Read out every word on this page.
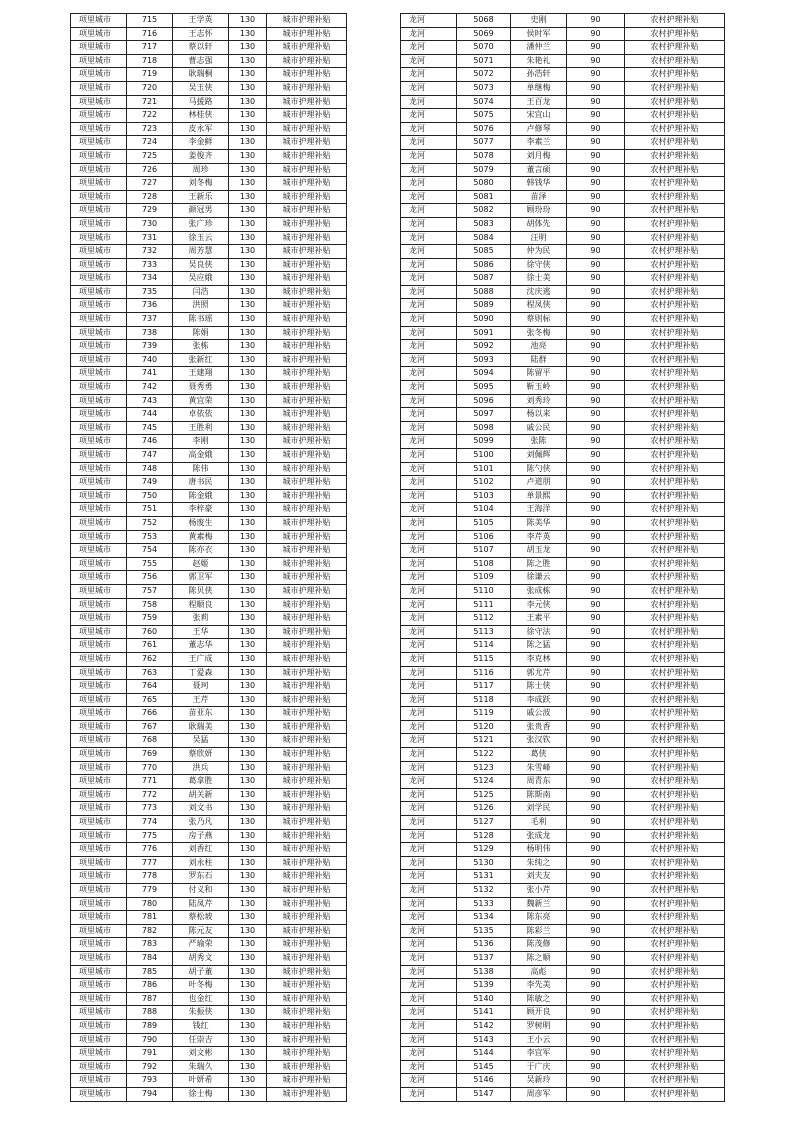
项里城市	715	王学英	130	城市护理补贴
项里城市	716	王志怀	130	城市护理补贴
项里城市	717	蔡以轩	130	城市护理补贴
项里城市	718	曹志强	130	城市护理补贴
项里城市	719	耿瑞桐	130	城市护理补贴
项里城市	720	吴玉侠	130	城市护理补贴
项里城市	721	马援路	130	城市护理补贴
项里城市	722	林桂侠	130	城市护理补贴
项里城市	723	皮永军	130	城市护理补贴
项里城市	724	李金鲜	130	城市护理补贴
项里城市	725	姜俊齐	130	城市护理补贴
项里城市	726	周珍	130	城市护理补贴
项里城市	727	刘冬梅	130	城市护理补贴
项里城市	728	王新乐	130	城市护理补贴
项里城市	729	颜冠男	130	城市护理补贴
项里城市	730	张广珍	130	城市护理补贴
项里城市	731	徐玉云	130	城市护理补贴
项里城市	732	周芳慧	130	城市护理补贴
项里城市	733	吴良侠	130	城市护理补贴
项里城市	734	吴应娥	130	城市护理补贴
项里城市	735	闫浩	130	城市护理补贴
项里城市	736	洪照	130	城市护理补贴
项里城市	737	陈书瑶	130	城市护理补贴
项里城市	738	陈娟	130	城市护理补贴
项里城市	739	张栋	130	城市护理补贴
项里城市	740	张新红	130	城市护理补贴
项里城市	741	王建翔	130	城市护理补贴
项里城市	742	聂秀勇	130	城市护理补贴
项里城市	743	黄宜荣	130	城市护理补贴
项里城市	744	卓依依	130	城市护理补贴
项里城市	745	王胜利	130	城市护理补贴
项里城市	746	李刚	130	城市护理补贴
项里城市	747	高金娥	130	城市护理补贴
项里城市	748	陈伟	130	城市护理补贴
项里城市	749	唐书民	130	城市护理补贴
项里城市	750	陈金娥	130	城市护理补贴
项里城市	751	李梓豪	130	城市护理补贴
项里城市	752	杨废生	130	城市护理补贴
项里城市	753	黄素梅	130	城市护理补贴
项里城市	754	陈亦衣	130	城市护理补贴
项里城市	755	赵姬	130	城市护理补贴
项里城市	756	郭卫军	130	城市护理补贴
项里城市	757	陈贝侠	130	城市护理补贴
项里城市	758	程顺良	130	城市护理补贴
项里城市	759	张莉	130	城市护理补贴
项里城市	760	王华	130	城市护理补贴
项里城市	761	董志华	130	城市护理补贴
项里城市	762	王广成	130	城市护理补贴
项里城市	763	丁爱森	130	城市护理补贴
项里城市	764	聂珂	130	城市护理补贴
项里城市	765	王芹	130	城市护理补贴
项里城市	766	苗亚东	130	城市护理补贴
项里城市	767	耿瑞美	130	城市护理补贴
项里城市	768	吴猛	130	城市护理补贴
项里城市	769	蔡欣妍	130	城市护理补贴
项里城市	770	洪兵	130	城市护理补贴
项里城市	771	葛拿胜	130	城市护理补贴
项里城市	772	胡关新	130	城市护理补贴
项里城市	773	刘文书	130	城市护理补贴
项里城市	774	张乃凡	130	城市护理补贴
项里城市	775	房子燕	130	城市护理补贴
项里城市	776	刘香红	130	城市护理补贴
项里城市	777	刘永柱	130	城市护理补贴
项里城市	778	罗东石	130	城市护理补贴
项里城市	779	付义和	130	城市护理补贴
项里城市	780	陆凤芹	130	城市护理补贴
项里城市	781	蔡松坡	130	城市护理补贴
项里城市	782	陈元友	130	城市护理补贴
项里城市	783	严瑜荣	130	城市护理补贴
项里城市	784	胡秀文	130	城市护理补贴
项里城市	785	胡子董	130	城市护理补贴
项里城市	786	叶冬梅	130	城市护理补贴
项里城市	787	也金红	130	城市护理补贴
项里城市	788	朱振侠	130	城市护理补贴
项里城市	789	钱红	130	城市护理补贴
项里城市	790	任崇吉	130	城市护理补贴
项里城市	791	刘文彬	130	城市护理补贴
项里城市	792	朱瑞久	130	城市护理补贴
项里城市	793	叶妍希	130	城市护理补贴
项里城市	794	徐士梅	130	城市护理补贴
龙河	5068	史刚	90	农村护理补贴
龙河	5069	侯时军	90	农村护理补贴
龙河	5070	潘仲兰	90	农村护理补贴
龙河	5071	朱艳礼	90	农村护理补贴
龙河	5072	孙浩轩	90	农村护理补贴
龙河	5073	单继梅	90	农村护理补贴
龙河	5074	王百龙	90	农村护理补贴
龙河	5075	宋宜山	90	农村护理补贴
龙河	5076	卢修琴	90	农村护理补贴
龙河	5077	李素兰	90	农村护理补贴
龙河	5078	刘月梅	90	农村护理补贴
龙河	5079	董言硕	90	农村护理补贴
龙河	5080	韩钱华	90	农村护理补贴
龙河	5081	苗泽	90	农村护理补贴
龙河	5082	顾玢玢	90	农村护理补贴
龙河	5083	胡体先	90	农村护理补贴
龙河	5084	汪明	90	农村护理补贴
龙河	5085	仲为民	90	农村护理补贴
龙河	5086	徐守侠	90	农村护理补贴
龙河	5087	徐士美	90	农村护理补贴
龙河	5088	沈庆逃	90	农村护理补贴
龙河	5089	程凤侠	90	农村护理补贴
龙河	5090	蔡则标	90	农村护理补贴
龙河	5091	张冬梅	90	农村护理补贴
龙河	5092	池亮	90	农村护理补贴
龙河	5093	陆群	90	农村护理补贴
龙河	5094	陈留平	90	农村护理补贴
龙河	5095	靳玉岭	90	农村护理补贴
龙河	5096	刘秀玲	90	农村护理补贴
龙河	5097	杨以来	90	农村护理补贴
龙河	5098	戚公民	90	农村护理补贴
龙河	5099	张陈	90	农村护理补贴
龙河	5100	刘佩辉	90	农村护理补贴
龙河	5101	陈勺侠	90	农村护理补贴
龙河	5102	卢道朋	90	农村护理补贴
龙河	5103	单景熙	90	农村护理补贴
龙河	5104	王海洋	90	农村护理补贴
龙河	5105	陈美华	90	农村护理补贴
龙河	5106	李芹英	90	农村护理补贴
龙河	5107	胡玉龙	90	农村护理补贴
龙河	5108	陈之胜	90	农村护理补贴
龙河	5109	徐谦云	90	农村护理补贴
龙河	5110	张成栋	90	农村护理补贴
龙河	5111	李元侠	90	农村护理补贴
龙河	5112	王素平	90	农村护理补贴
龙河	5113	徐守法	90	农村护理补贴
龙河	5114	陈之猛	90	农村护理补贴
龙河	5115	李克林	90	农村护理补贴
龙河	5116	郭尤芹	90	农村护理补贴
龙河	5117	陈士侠	90	农村护理补贴
龙河	5118	李成跃	90	农村护理补贴
龙河	5119	戚公波	90	农村护理补贴
龙河	5120	张贵香	90	农村护理补贴
龙河	5121	张汉钦	90	农村护理补贴
龙河	5122	葛侠	90	农村护理补贴
龙河	5123	朱雪峰	90	农村护理补贴
龙河	5124	周青东	90	农村护理补贴
龙河	5125	陈斯南	90	农村护理补贴
龙河	5126	刘学民	90	农村护理补贴
龙河	5127	毛利	90	农村护理补贴
龙河	5128	张成龙	90	农村护理补贴
龙河	5129	杨明伟	90	农村护理补贴
龙河	5130	朱纯之	90	农村护理补贴
龙河	5131	刘夫友	90	农村护理补贴
龙河	5132	张小芹	90	农村护理补贴
龙河	5133	魏新兰	90	农村护理补贴
龙河	5134	陈东亮	90	农村护理补贴
龙河	5135	陈彩兰	90	农村护理补贴
龙河	5136	陈茂修	90	农村护理补贴
龙河	5137	陈之顺	90	农村护理补贴
龙河	5138	高彪	90	农村护理补贴
龙河	5139	李先美	90	农村护理补贴
龙河	5140	陈敏之	90	农村护理补贴
龙河	5141	顾开良	90	农村护理补贴
龙河	5142	罗树明	90	农村护理补贴
龙河	5143	王小云	90	农村护理补贴
龙河	5144	李宜军	90	农村护理补贴
龙河	5145	于广庆	90	农村护理补贴
龙河	5146	吴新玲	90	农村护理补贴
龙河	5147	周彦军	90	农村护理补贴
